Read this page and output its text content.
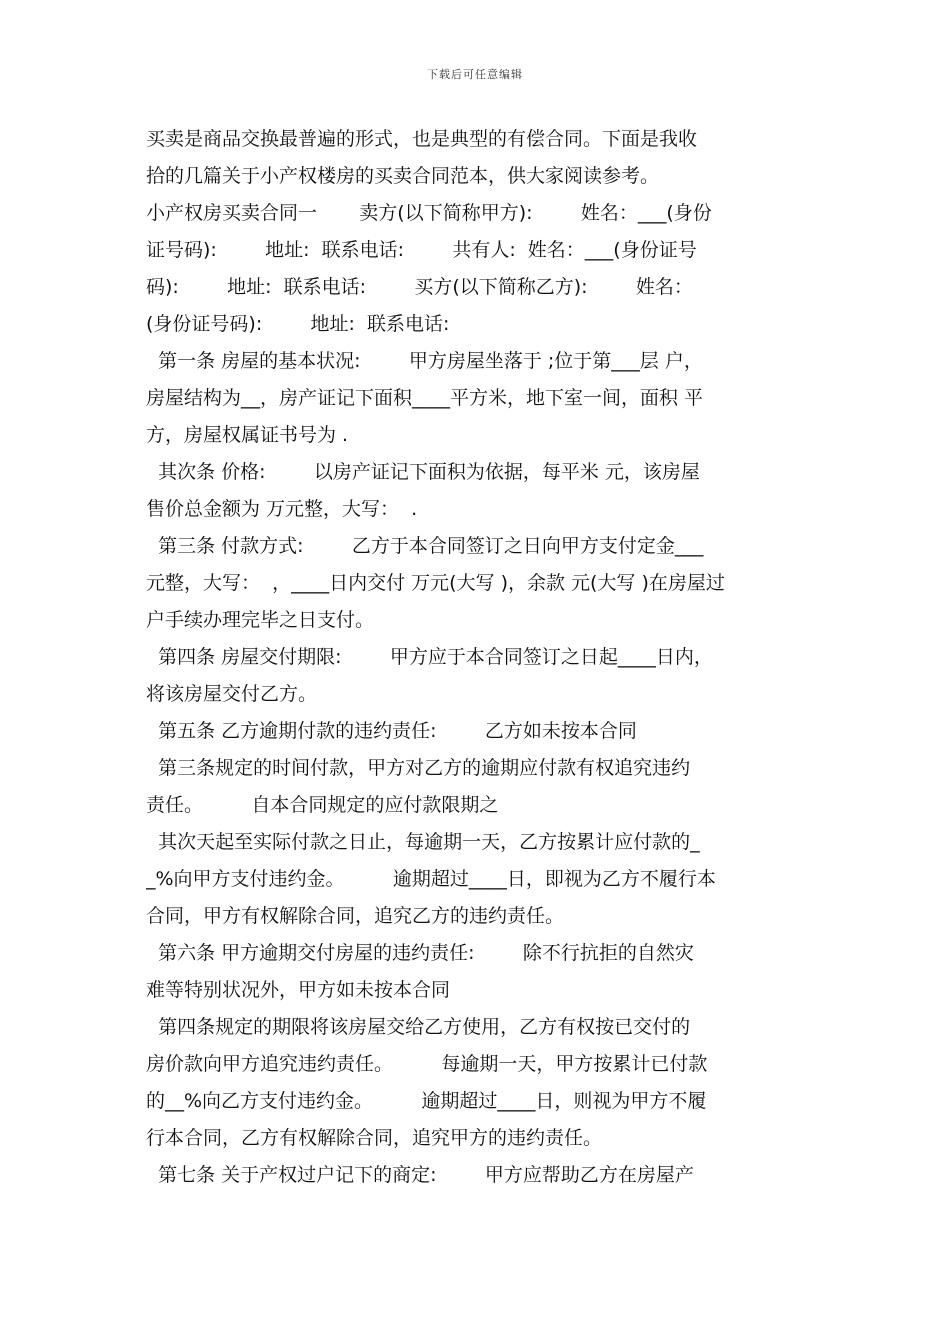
下载后可任意编辑
买卖是商品交换最普遍的形式，也是典型的有偿合同。下面是我收
拾的几篇关于小产权楼房的买卖合同范本，供大家阅读参考。
小产权房买卖合同一       卖方(以下简称甲方):        姓名：___(身份
证号码):        地址:  联系电话:        共有人:  姓名：___(身份证号
码):        地址:  联系电话:        买方(以下简称乙方):        姓名：
(身份证号码):        地址:  联系电话:
第一条 房屋的基本状况:        甲方房屋坐落于 ;位于第___层 户，
房屋结构为__，房产证记下面积____平方米，地下室一间，面积 平
方，房屋权属证书号为 .
其次条 价格:        以房产证记下面积为依据，每平米 元，该房屋
售价总金额为 万元整，大写：  .
第三条 付款方式:        乙方于本合同签订之日向甲方支付定金___
元整，大写：  ，____日内交付 万元(大写 )，余款 元(大写 )在房屋过
户手续办理完毕之日支付。
第四条 房屋交付期限:        甲方应于本合同签订之日起____日内，
将该房屋交付乙方。
第五条 乙方逾期付款的违约责任:        乙方如未按本合同
第三条规定的时间付款，甲方对乙方的逾期应付款有权追究违约
责任。        自本合同规定的应付款限期之
其次天起至实际付款之日止，每逾期一天，乙方按累计应付款的_
_%向甲方支付违约金。        逾期超过____日，即视为乙方不履行本
合同，甲方有权解除合同，追究乙方的违约责任。
第六条 甲方逾期交付房屋的违约责任:        除不行抗拒的自然灾
难等特别状况外，甲方如未按本合同
第四条规定的期限将该房屋交给乙方使用，乙方有权按已交付的
房价款向甲方追究违约责任。        每逾期一天，甲方按累计已付款
的__%向乙方支付违约金。        逾期超过____日，则视为甲方不履
行本合同，乙方有权解除合同，追究甲方的违约责任。
第七条 关于产权过户记下的商定:        甲方应帮助乙方在房屋产
